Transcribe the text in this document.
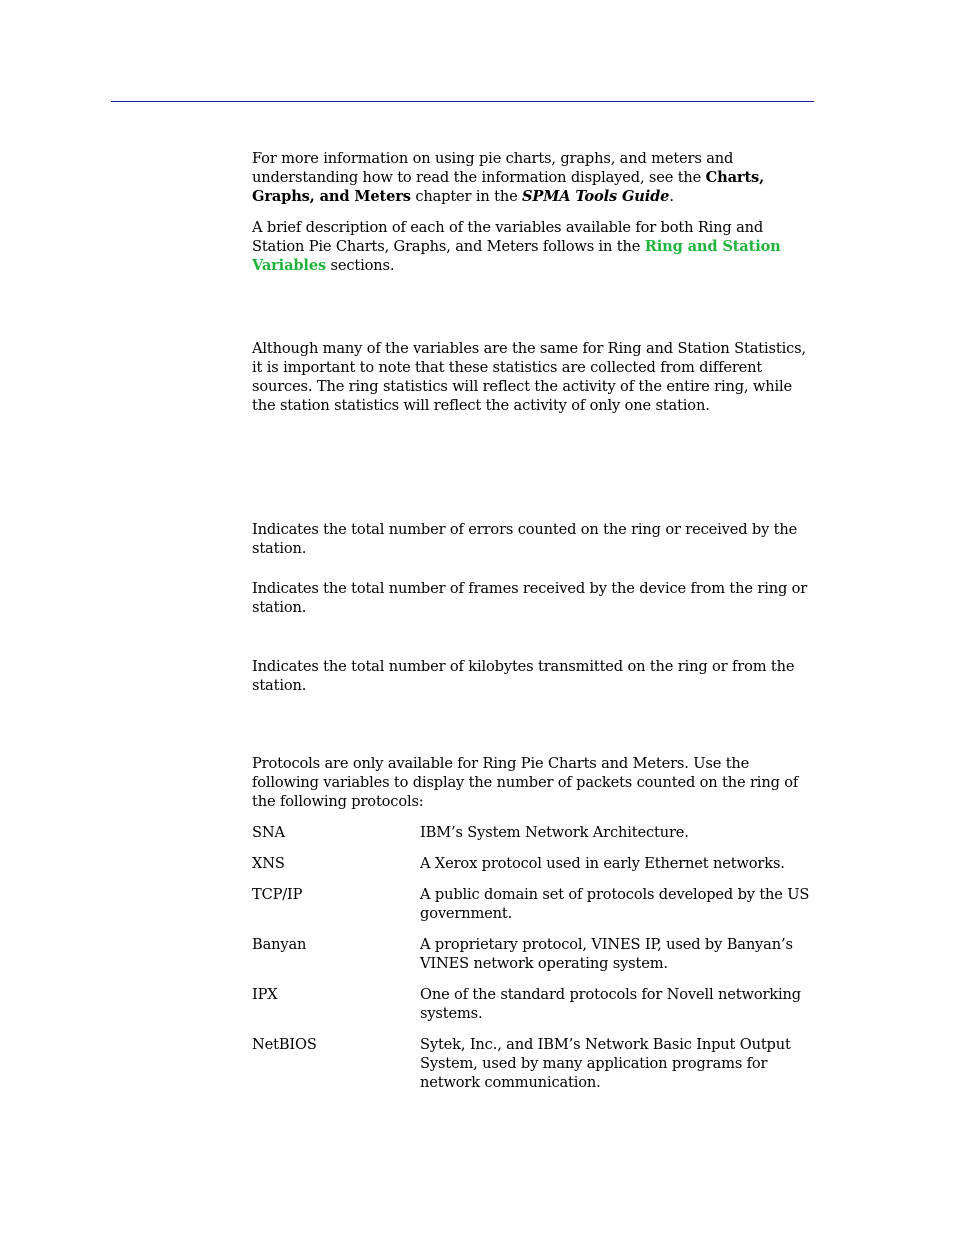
For more information on using pie charts, graphs, and meters and understanding how to read the information displayed, see the Charts, Graphs, and Meters chapter in the SPMA Tools Guide.

A brief description of each of the variables available for both Ring and Station Pie Charts, Graphs, and Meters follows in the Ring and Station Variables sections.

Although many of the variables are the same for Ring and Station Statistics, it is important to note that these statistics are collected from different sources. The ring statistics will reflect the activity of the entire ring, while the station statistics will reflect the activity of only one station.

Indicates the total number of errors counted on the ring or received by the station.

Indicates the total number of frames received by the device from the ring or station.

Indicates the total number of kilobytes transmitted on the ring or from the station.

Protocols are only available for Ring Pie Charts and Meters. Use the following variables to display the number of packets counted on the ring of the following protocols:

SNA	IBM’s System Network Architecture.
XNS	A Xerox protocol used in early Ethernet networks.
TCP/IP	A public domain set of protocols developed by the US government.
Banyan	A proprietary protocol, VINES IP, used by Banyan’s VINES network operating system.
IPX	One of the standard protocols for Novell networking systems.
NetBIOS	Sytek, Inc., and IBM’s Network Basic Input Output System, used by many application programs for network communication.
